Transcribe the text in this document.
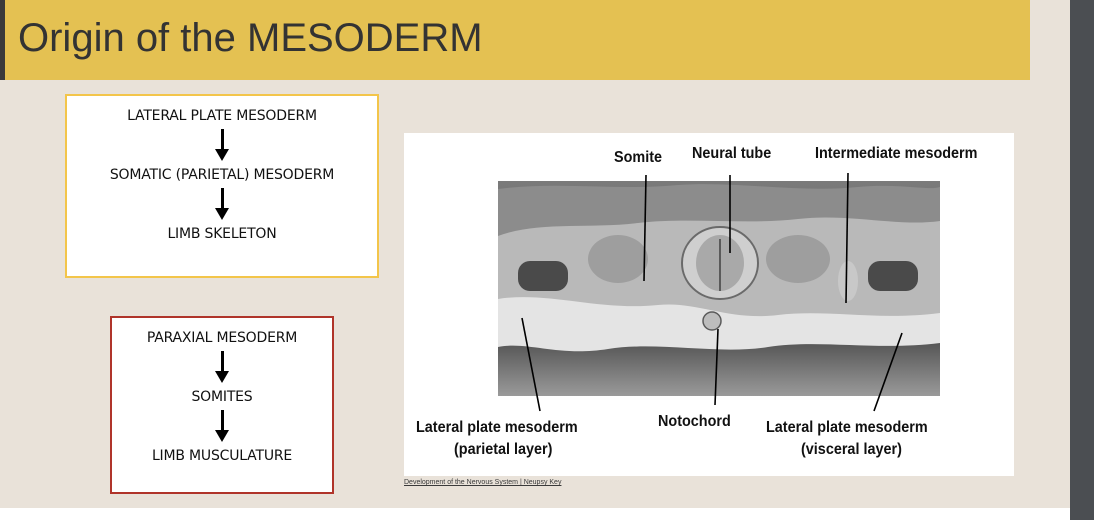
Origin of the MESODERM
LATERAL PLATE MESODERM
SOMATIC (PARIETAL) MESODERM
LIMB SKELETON
PARAXIAL MESODERM
SOMITES
LIMB MUSCULATURE
Somite Neural tube	Intermediate mesoderm
Lateral plate mesoderm
(parietal layer)
Notochord Lateral plate mesoderm
(visceral layer)
Development of the Nervous System | Neupsy Key
